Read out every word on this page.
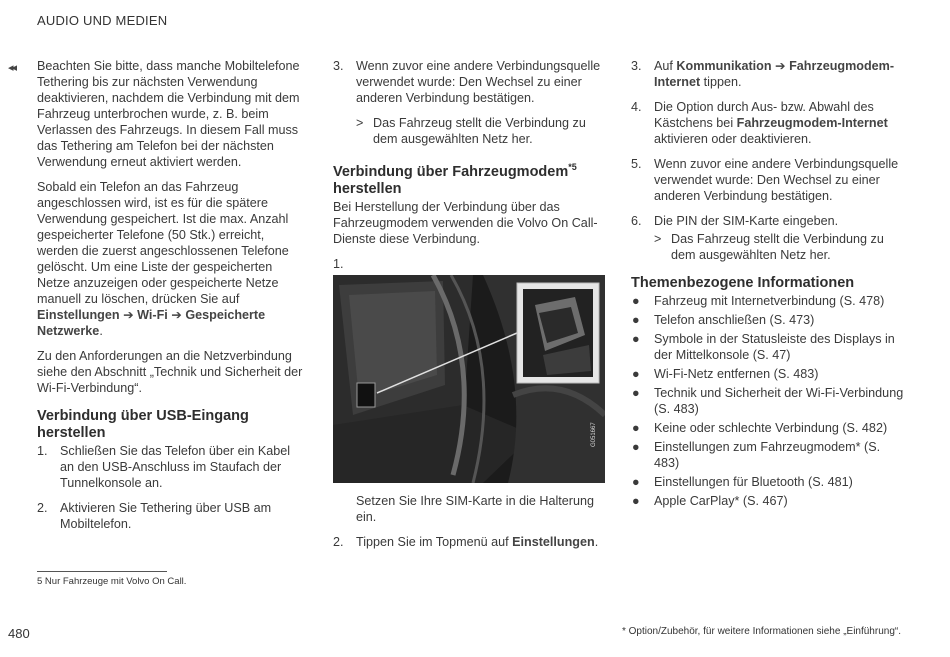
AUDIO UND MEDIEN
◂◂ Beachten Sie bitte, dass manche Mobiltelefone Tethering bis zur nächsten Verwendung deaktivieren, nachdem die Verbindung mit dem Fahrzeug unterbrochen wurde, z. B. beim Verlassen des Fahrzeugs. In diesem Fall muss das Tethering am Telefon bei der nächsten Verwendung erneut aktiviert werden.

Sobald ein Telefon an das Fahrzeug angeschlossen wird, ist es für die spätere Verwendung gespeichert. Ist die max. Anzahl gespeicherter Telefone (50 Stk.) erreicht, werden die zuerst angeschlossenen Telefone gelöscht. Um eine Liste der gespeicherten Netze anzuzeigen oder gespeicherte Netze manuell zu löschen, drücken Sie auf Einstellungen ➔ Wi-Fi ➔ Gespeicherte Netzwerke.

Zu den Anforderungen an die Netzverbindung siehe den Abschnitt „Technik und Sicherheit der Wi-Fi-Verbindung“.

Verbindung über USB-Eingang herstellen
1. Schließen Sie das Telefon über ein Kabel an den USB-Anschluss im Staufach der Tunnelkonsole an.
2. Aktivieren Sie Tethering über USB am Mobiltelefon.
3. Wenn zuvor eine andere Verbindungsquelle verwendet wurde: Den Wechsel zu einer anderen Verbindung bestätigen.
> Das Fahrzeug stellt die Verbindung zu dem ausgewählten Netz her.
Verbindung über Fahrzeugmodem$^{*5}$
herstellen

Bei Herstellung der Verbindung über das Fahrzeugmodem verwenden die Volvo On Call-Dienste diese Verbindung.

1.
G051667

Setzen Sie Ihre SIM-Karte in die Halterung ein.

2. Tippen Sie im Topmenü auf Einstellungen.
3. Auf Kommunikation ➔ Fahrzeugmodem-Internet tippen.
4. Die Option durch Aus- bzw. Abwahl des Kästchens bei Fahrzeugmodem-Internet aktivieren oder deaktivieren.
5. Wenn zuvor eine andere Verbindungsquelle verwendet wurde: Den Wechsel zu einer anderen Verbindung bestätigen.
6. Die PIN der SIM-Karte eingeben.
> Das Fahrzeug stellt die Verbindung zu dem ausgewählten Netz her.
Themenbezogene Informationen
● Fahrzeug mit Internetverbindung (S. 478)
● Telefon anschließen (S. 473)
● Symbole in der Statusleiste des Displays in der Mittelkonsole (S. 47)
● Wi-Fi-Netz entfernen (S. 483)
● Technik und Sicherheit der Wi-Fi-Verbindung (S. 483)
● Keine oder schlechte Verbindung (S. 482)
● Einstellungen zum Fahrzeugmodem* (S. 483)
● Einstellungen für Bluetooth (S. 481)
● Apple CarPlay* (S. 467)
5 Nur Fahrzeuge mit Volvo On Call.
480	* Option/Zubehör, für weitere Informationen siehe „Einführung“.
